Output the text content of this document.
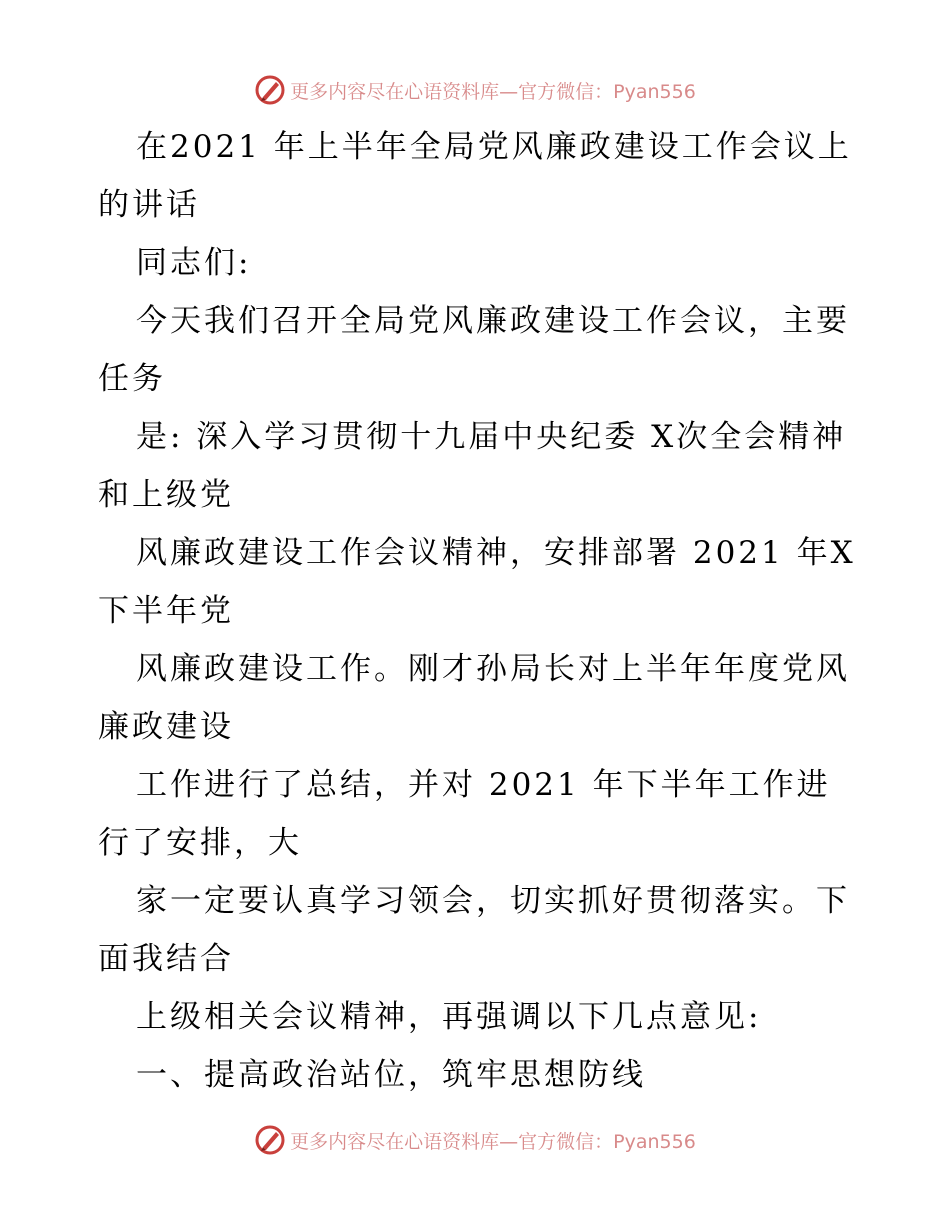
更多内容尽在心语资料库—官方微信：Pyan556

在2021 年上半年全局党风廉政建设工作会议上的讲话

同志们:

今天我们召开全局党风廉政建设工作会议，主要任务

是: 深入学习贯彻十九届中央纪委 X次全会精神和上级党

风廉政建设工作会议精神，安排部署 2021 年X下半年党

风廉政建设工作。刚才孙局长对上半年年度党风廉政建设

工作进行了总结，并对 2021 年下半年工作进行了安排，大

家一定要认真学习领会，切实抓好贯彻落实。下面我结合

上级相关会议精神，再强调以下几点意见:

一、提高政治站位，筑牢思想防线

更多内容尽在心语资料库—官方微信：Pyan556
